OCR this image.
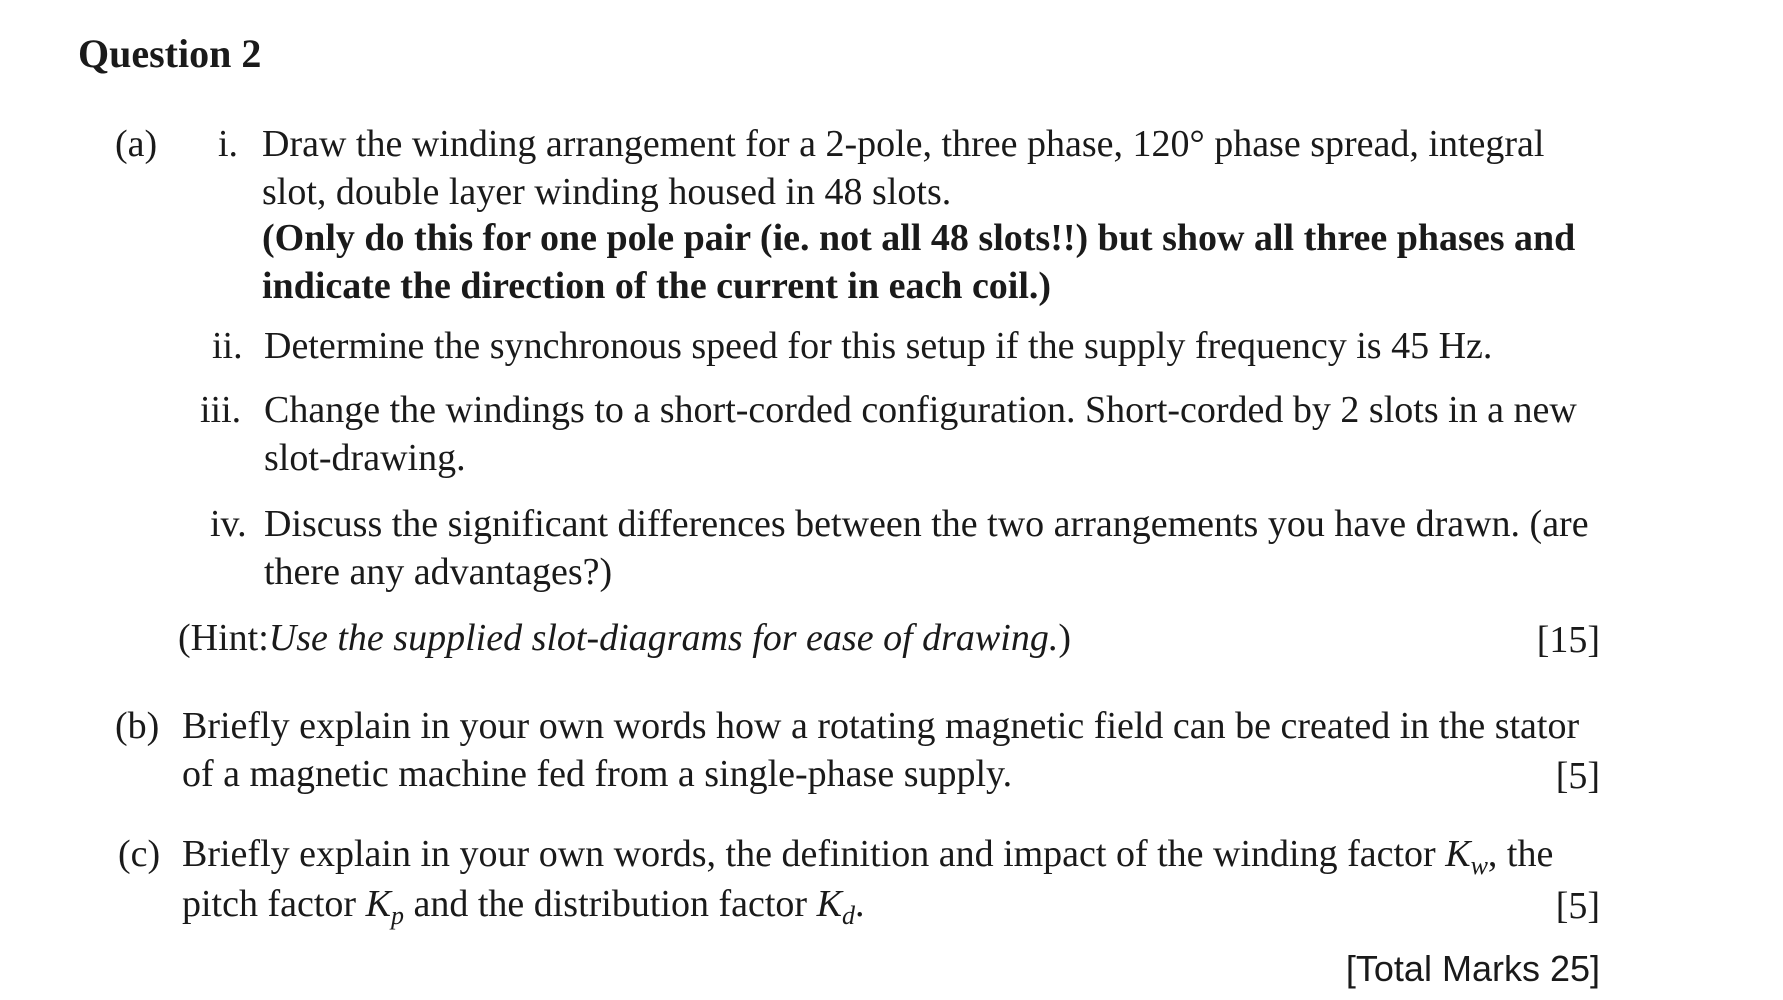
Question 2
(a) i. Draw the winding arrangement for a 2-pole, three phase, 120° phase spread, integral
slot, double layer winding housed in 48 slots.
(Only do this for one pole pair (ie. not all 48 slots!!) but show all three phases and
indicate the direction of the current in each coil.)
ii. Determine the synchronous speed for this setup if the supply frequency is 45 Hz.
iii. Change the windings to a short-corded configuration. Short-corded by 2 slots in a new
slot-drawing.
iv. Discuss the significant differences between the two arrangements you have drawn. (are
there any advantages?)
(Hint:Use the supplied slot-diagrams for ease of drawing.)	[15]
(b) Briefly explain in your own words how a rotating magnetic field can be created in the stator
of a magnetic machine fed from a single-phase supply.	[5]
(c) Briefly explain in your own words, the definition and impact of the winding factor $K_w$, the
pitch factor $K_p$ and the distribution factor $K_d$.	[5]
[Total Marks 25]
